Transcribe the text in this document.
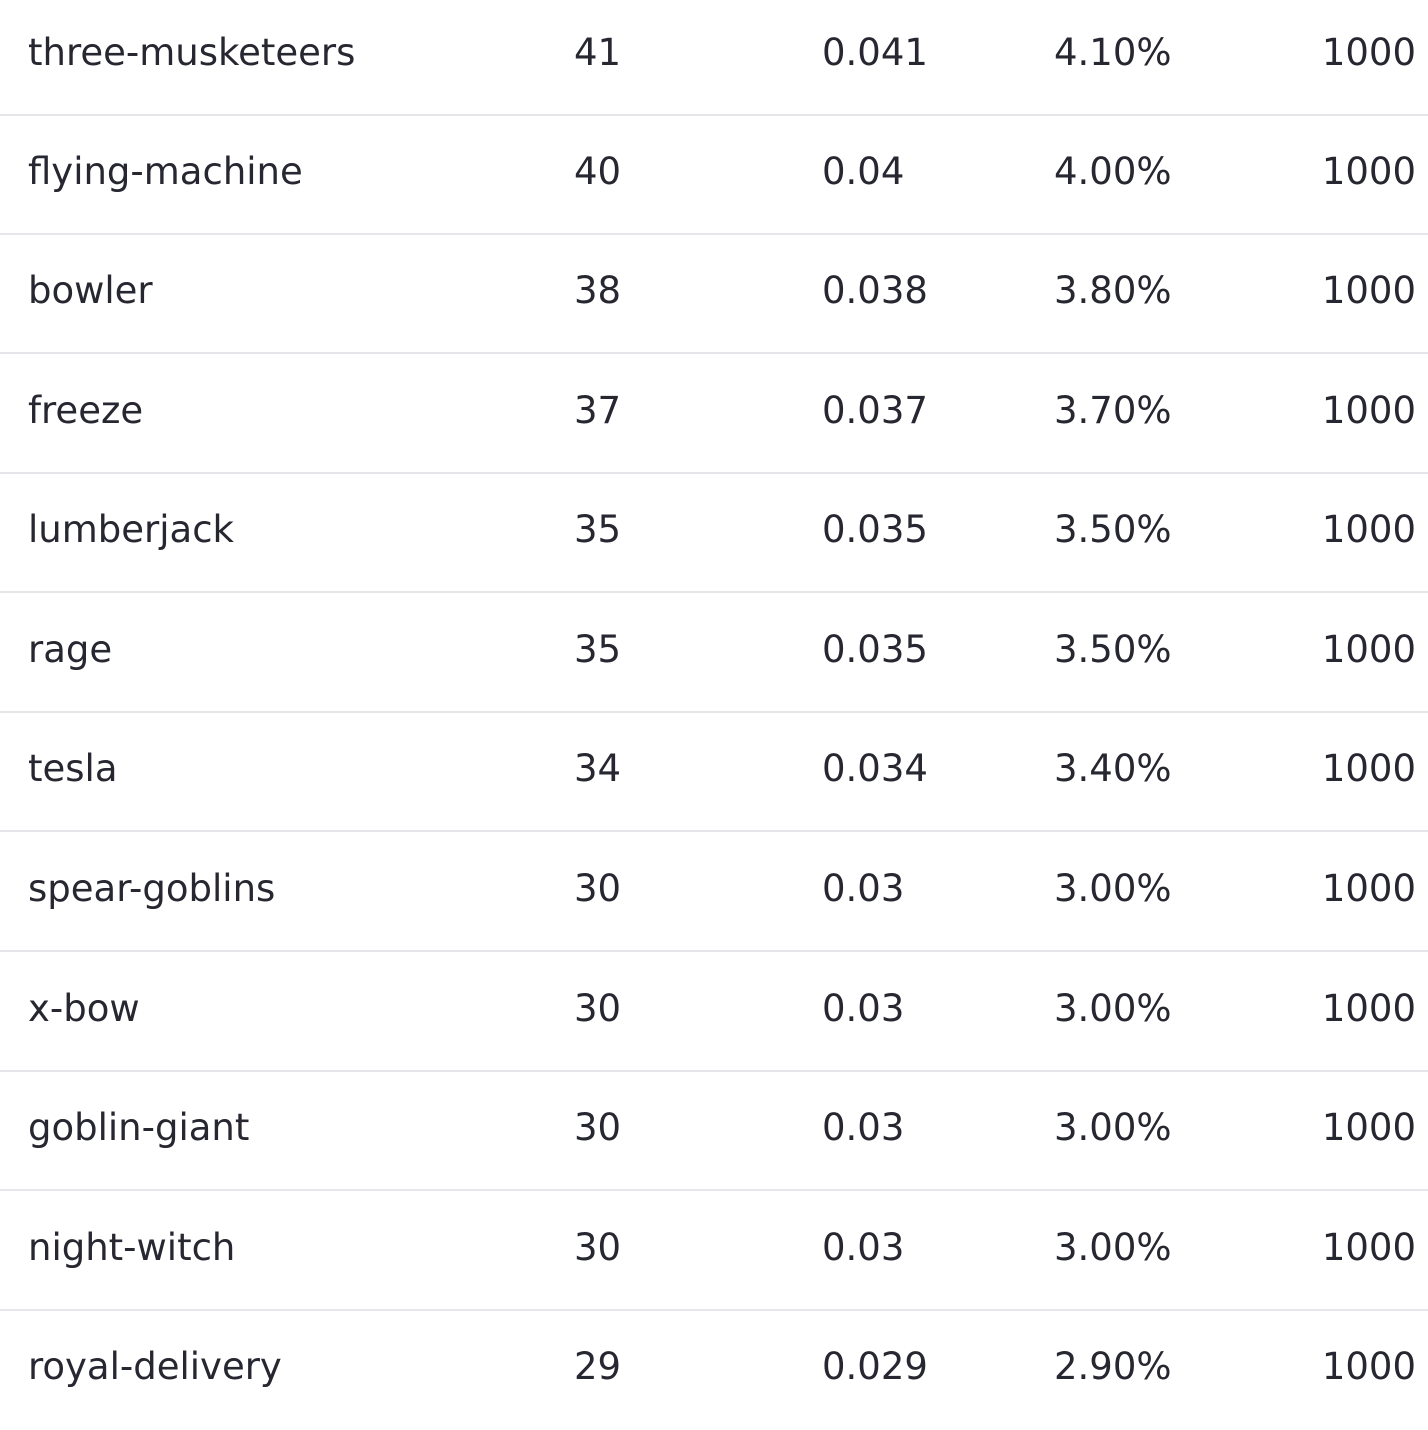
three-musketeers	41	0.041	4.10%	1000
flying-machine	40	0.04	4.00%	1000
bowler	38	0.038	3.80%	1000
freeze	37	0.037	3.70%	1000
lumberjack	35	0.035	3.50%	1000
rage	35	0.035	3.50%	1000
tesla	34	0.034	3.40%	1000
spear-goblins	30	0.03	3.00%	1000
x-bow	30	0.03	3.00%	1000
goblin-giant	30	0.03	3.00%	1000
night-witch	30	0.03	3.00%	1000
royal-delivery	29	0.029	2.90%	1000
